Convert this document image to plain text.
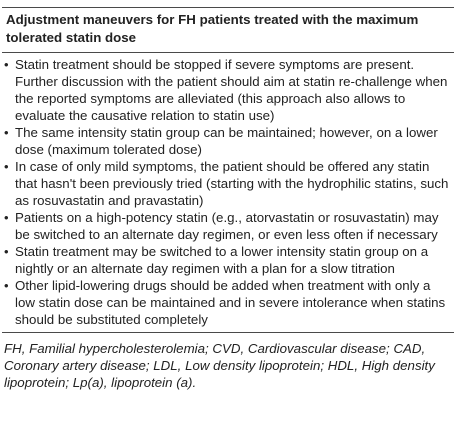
Adjustment maneuvers for FH patients treated with the maximum tolerated statin dose
• Statin treatment should be stopped if severe symptoms are present. Further discussion with the patient should aim at statin re-challenge when the reported symptoms are alleviated (this approach also allows to evaluate the causative relation to statin use)
• The same intensity statin group can be maintained; however, on a lower dose (maximum tolerated dose)
• In case of only mild symptoms, the patient should be offered any statin that hasn't been previously tried (starting with the hydrophilic statins, such as rosuvastatin and pravastatin)
• Patients on a high-potency statin (e.g., atorvastatin or rosuvastatin) may be switched to an alternate day regimen, or even less often if necessary
• Statin treatment may be switched to a lower intensity statin group on a nightly or an alternate day regimen with a plan for a slow titration
• Other lipid-lowering drugs should be added when treatment with only a low statin dose can be maintained and in severe intolerance when statins should be substituted completely
FH, Familial hypercholesterolemia; CVD, Cardiovascular disease; CAD, Coronary artery disease; LDL, Low density lipoprotein; HDL, High density lipoprotein; Lp(a), lipoprotein (a).
